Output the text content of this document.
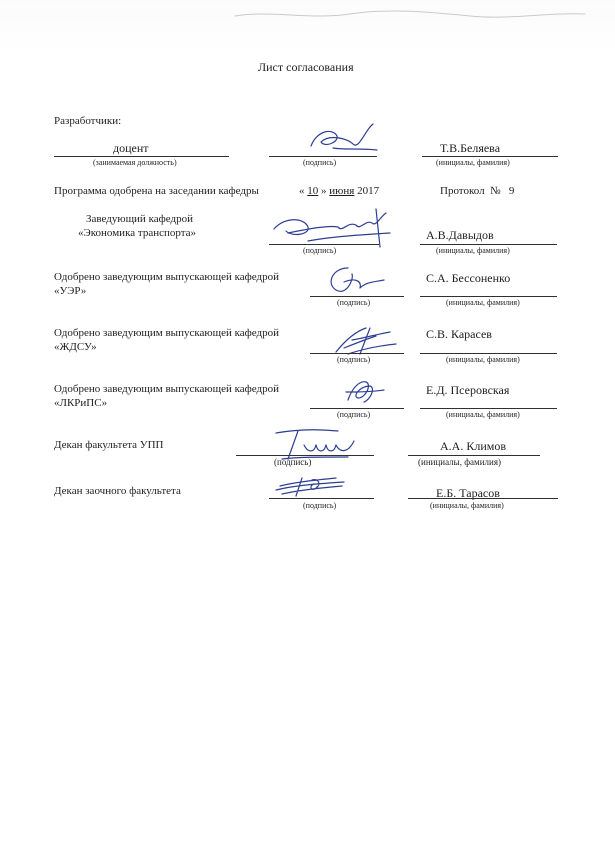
Лист согласования
Разработчики:
доцент	Т.В.Беляева
(занимаемая должность)	(подпись)	(инициалы, фамилия)
Программа одобрена на заседании кафедры	« 10 » июня 2017	Протокол № 9
Заведующий кафедрой
«Экономика транспорта»	А.В.Давыдов
(подпись)	(инициалы, фамилия)
Одобрено заведующим выпускающей кафедрой
«УЭР»
С.А. Бессоненко
(подпись)	(инициалы, фамилия)
Одобрено заведующим выпускающей кафедрой
«ЖДСУ»
С.В. Карасев
(подпись)	(инициалы, фамилия)
Одобрено заведующим выпускающей кафедрой
«ЛКРиПС»
Е.Д. Псеровская
(подпись)	(инициалы, фамилия)
Декан факультета УПП	А.А. Климов
(подпись)	(инициалы, фамилия)
Декан заочного факультета	Е.Б. Тарасов
(подпись)	(инициалы, фамилия)
